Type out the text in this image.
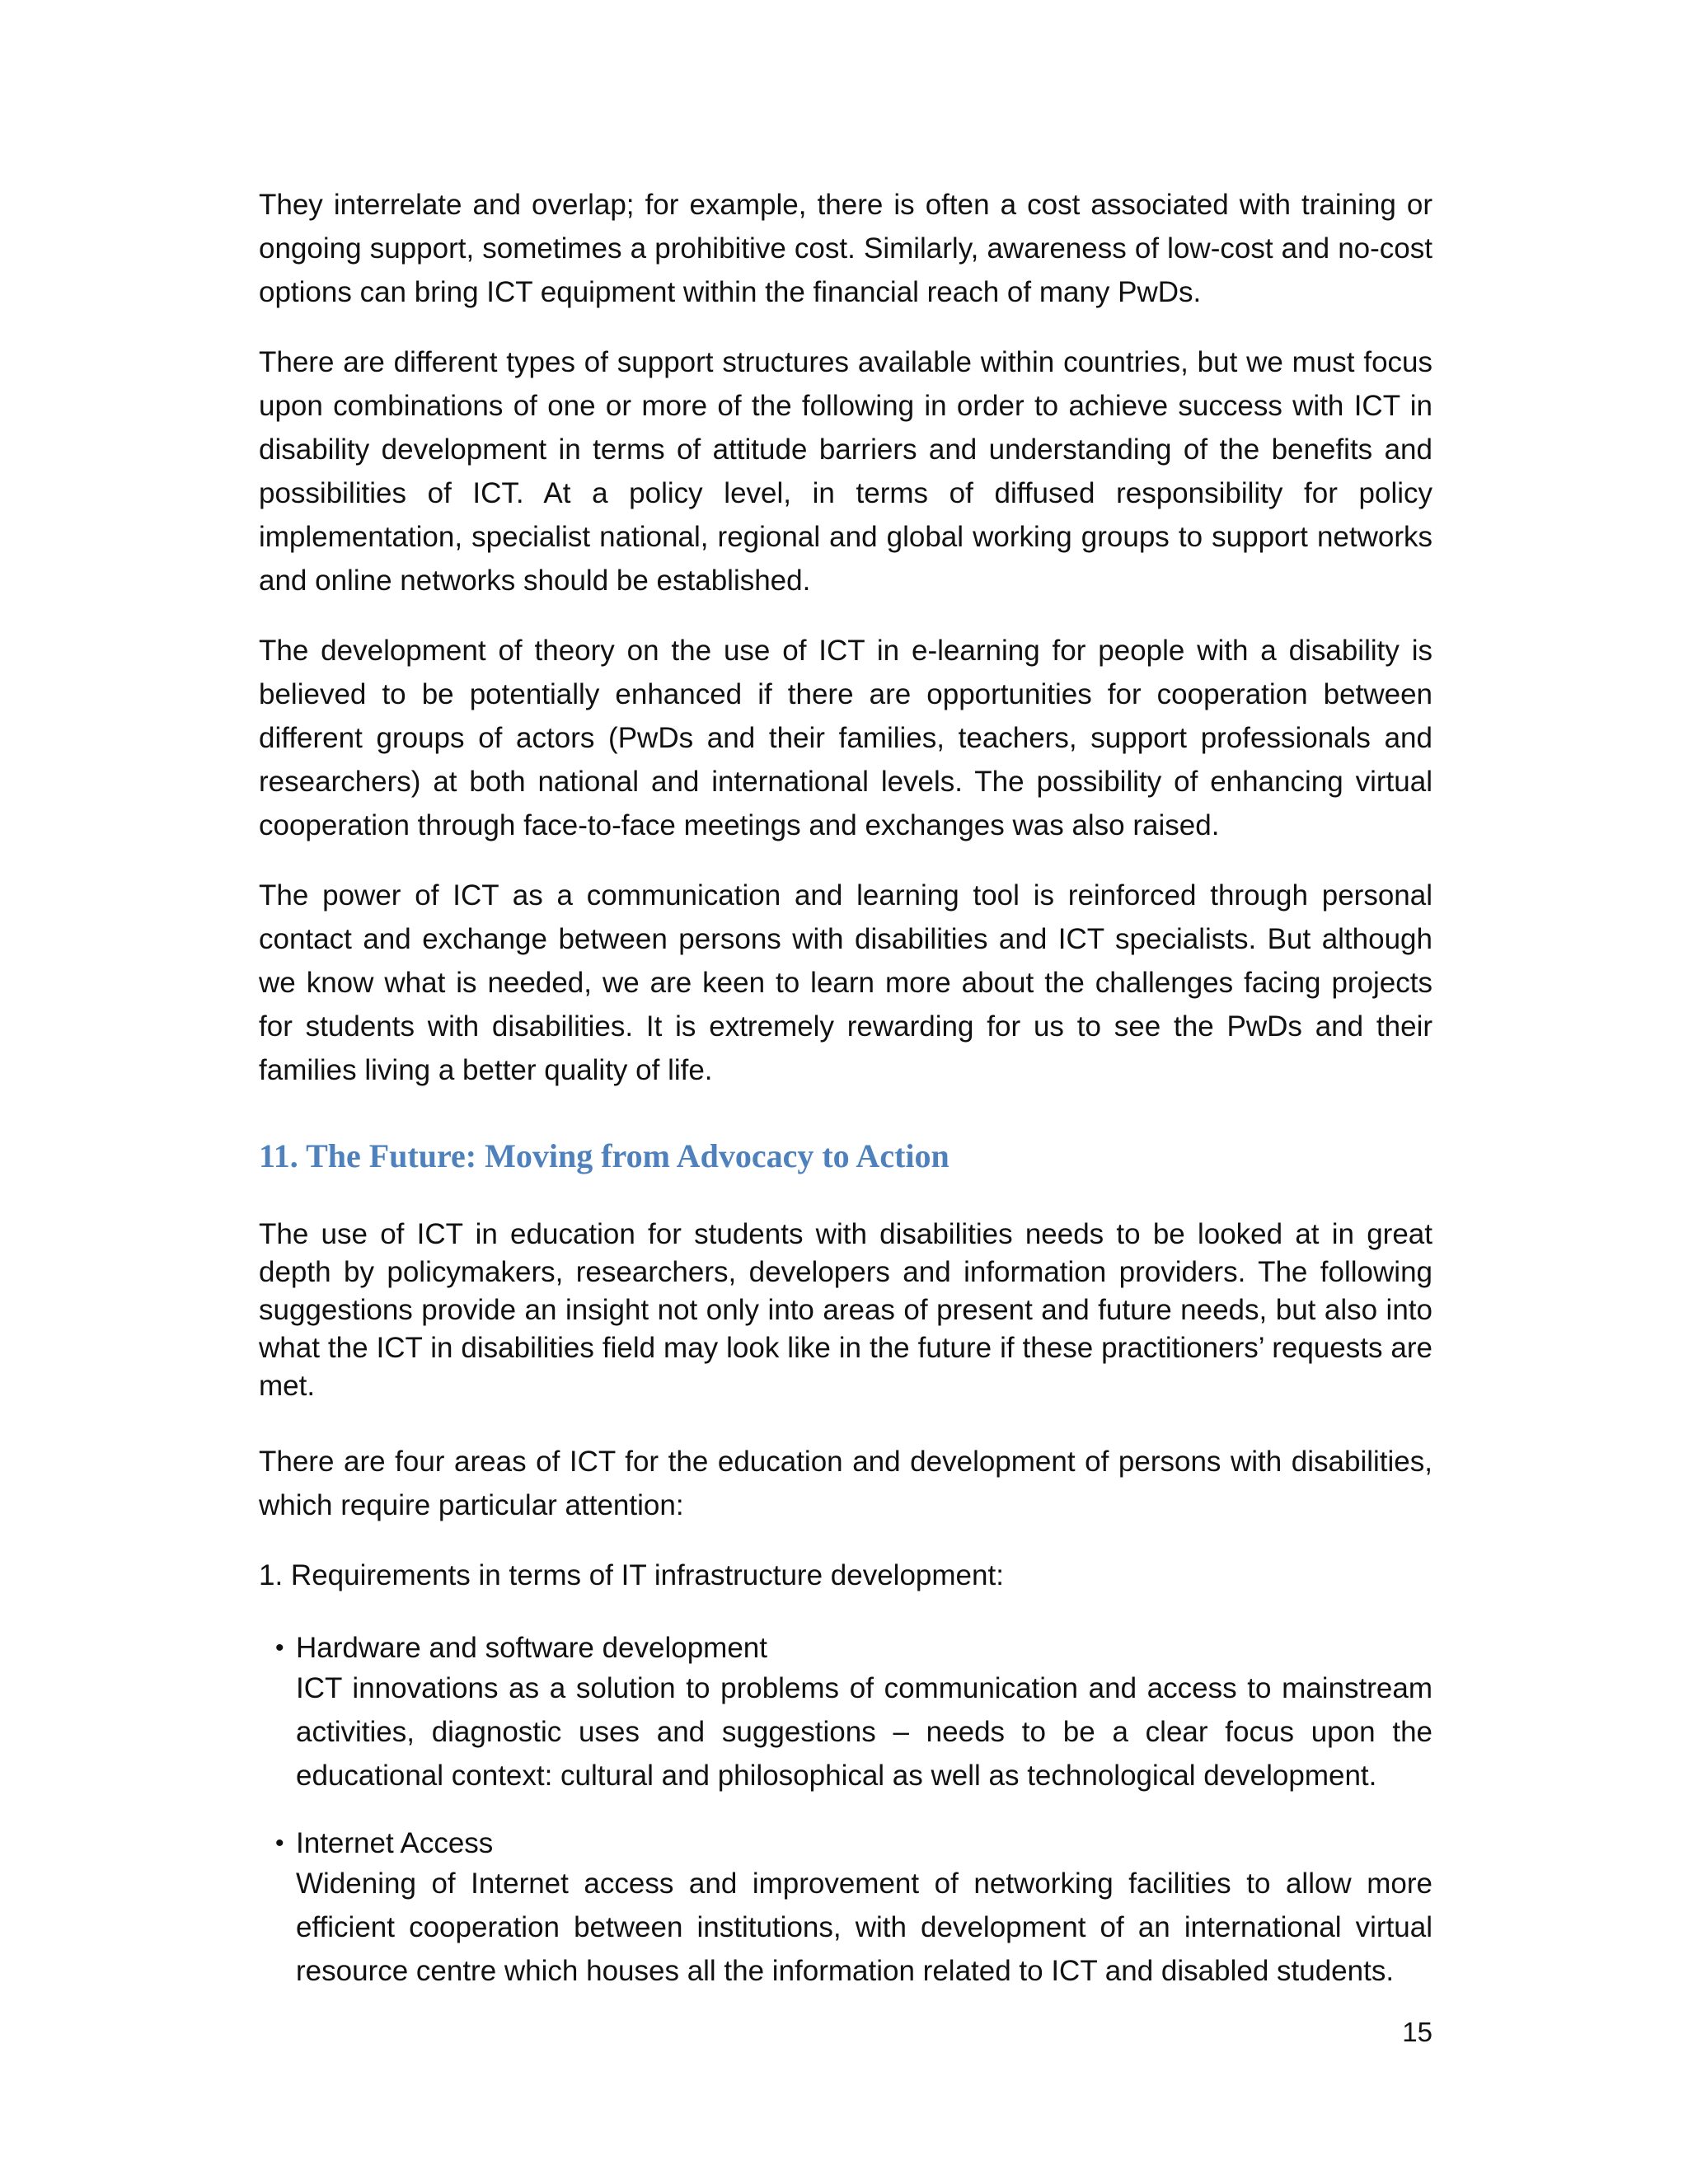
They interrelate and overlap; for example, there is often a cost associated with training or ongoing support, sometimes a prohibitive cost. Similarly, awareness of low-cost and no-cost options can bring ICT equipment within the financial reach of many PwDs.

There are different types of support structures available within countries, but we must focus upon combinations of one or more of the following in order to achieve success with ICT in disability development in terms of attitude barriers and understanding of the benefits and possibilities of ICT. At a policy level, in terms of diffused responsibility for policy implementation, specialist national, regional and global working groups to support networks and online networks should be established.

The development of theory on the use of ICT in e-learning for people with a disability is believed to be potentially enhanced if there are opportunities for cooperation between different groups of actors (PwDs and their families, teachers, support professionals and researchers) at both national and international levels. The possibility of enhancing virtual cooperation through face-to-face meetings and exchanges was also raised.

The power of ICT as a communication and learning tool is reinforced through personal contact and exchange between persons with disabilities and ICT specialists. But although we know what is needed, we are keen to learn more about the challenges facing projects for students with disabilities. It is extremely rewarding for us to see the PwDs and their families living a better quality of life.

11. The Future: Moving from Advocacy to Action

The use of ICT in education for students with disabilities needs to be looked at in great depth by policymakers, researchers, developers and information providers. The following suggestions provide an insight not only into areas of present and future needs, but also into what the ICT in disabilities field may look like in the future if these practitioners’ requests are met.

There are four areas of ICT for the education and development of persons with disabilities, which require particular attention:

1. Requirements in terms of IT infrastructure development:

• Hardware and software development
ICT innovations as a solution to problems of communication and access to mainstream activities, diagnostic uses and suggestions – needs to be a clear focus upon the educational context: cultural and philosophical as well as technological development.
• Internet Access
Widening of Internet access and improvement of networking facilities to allow more efficient cooperation between institutions, with development of an international virtual resource centre which houses all the information related to ICT and disabled students.
15
